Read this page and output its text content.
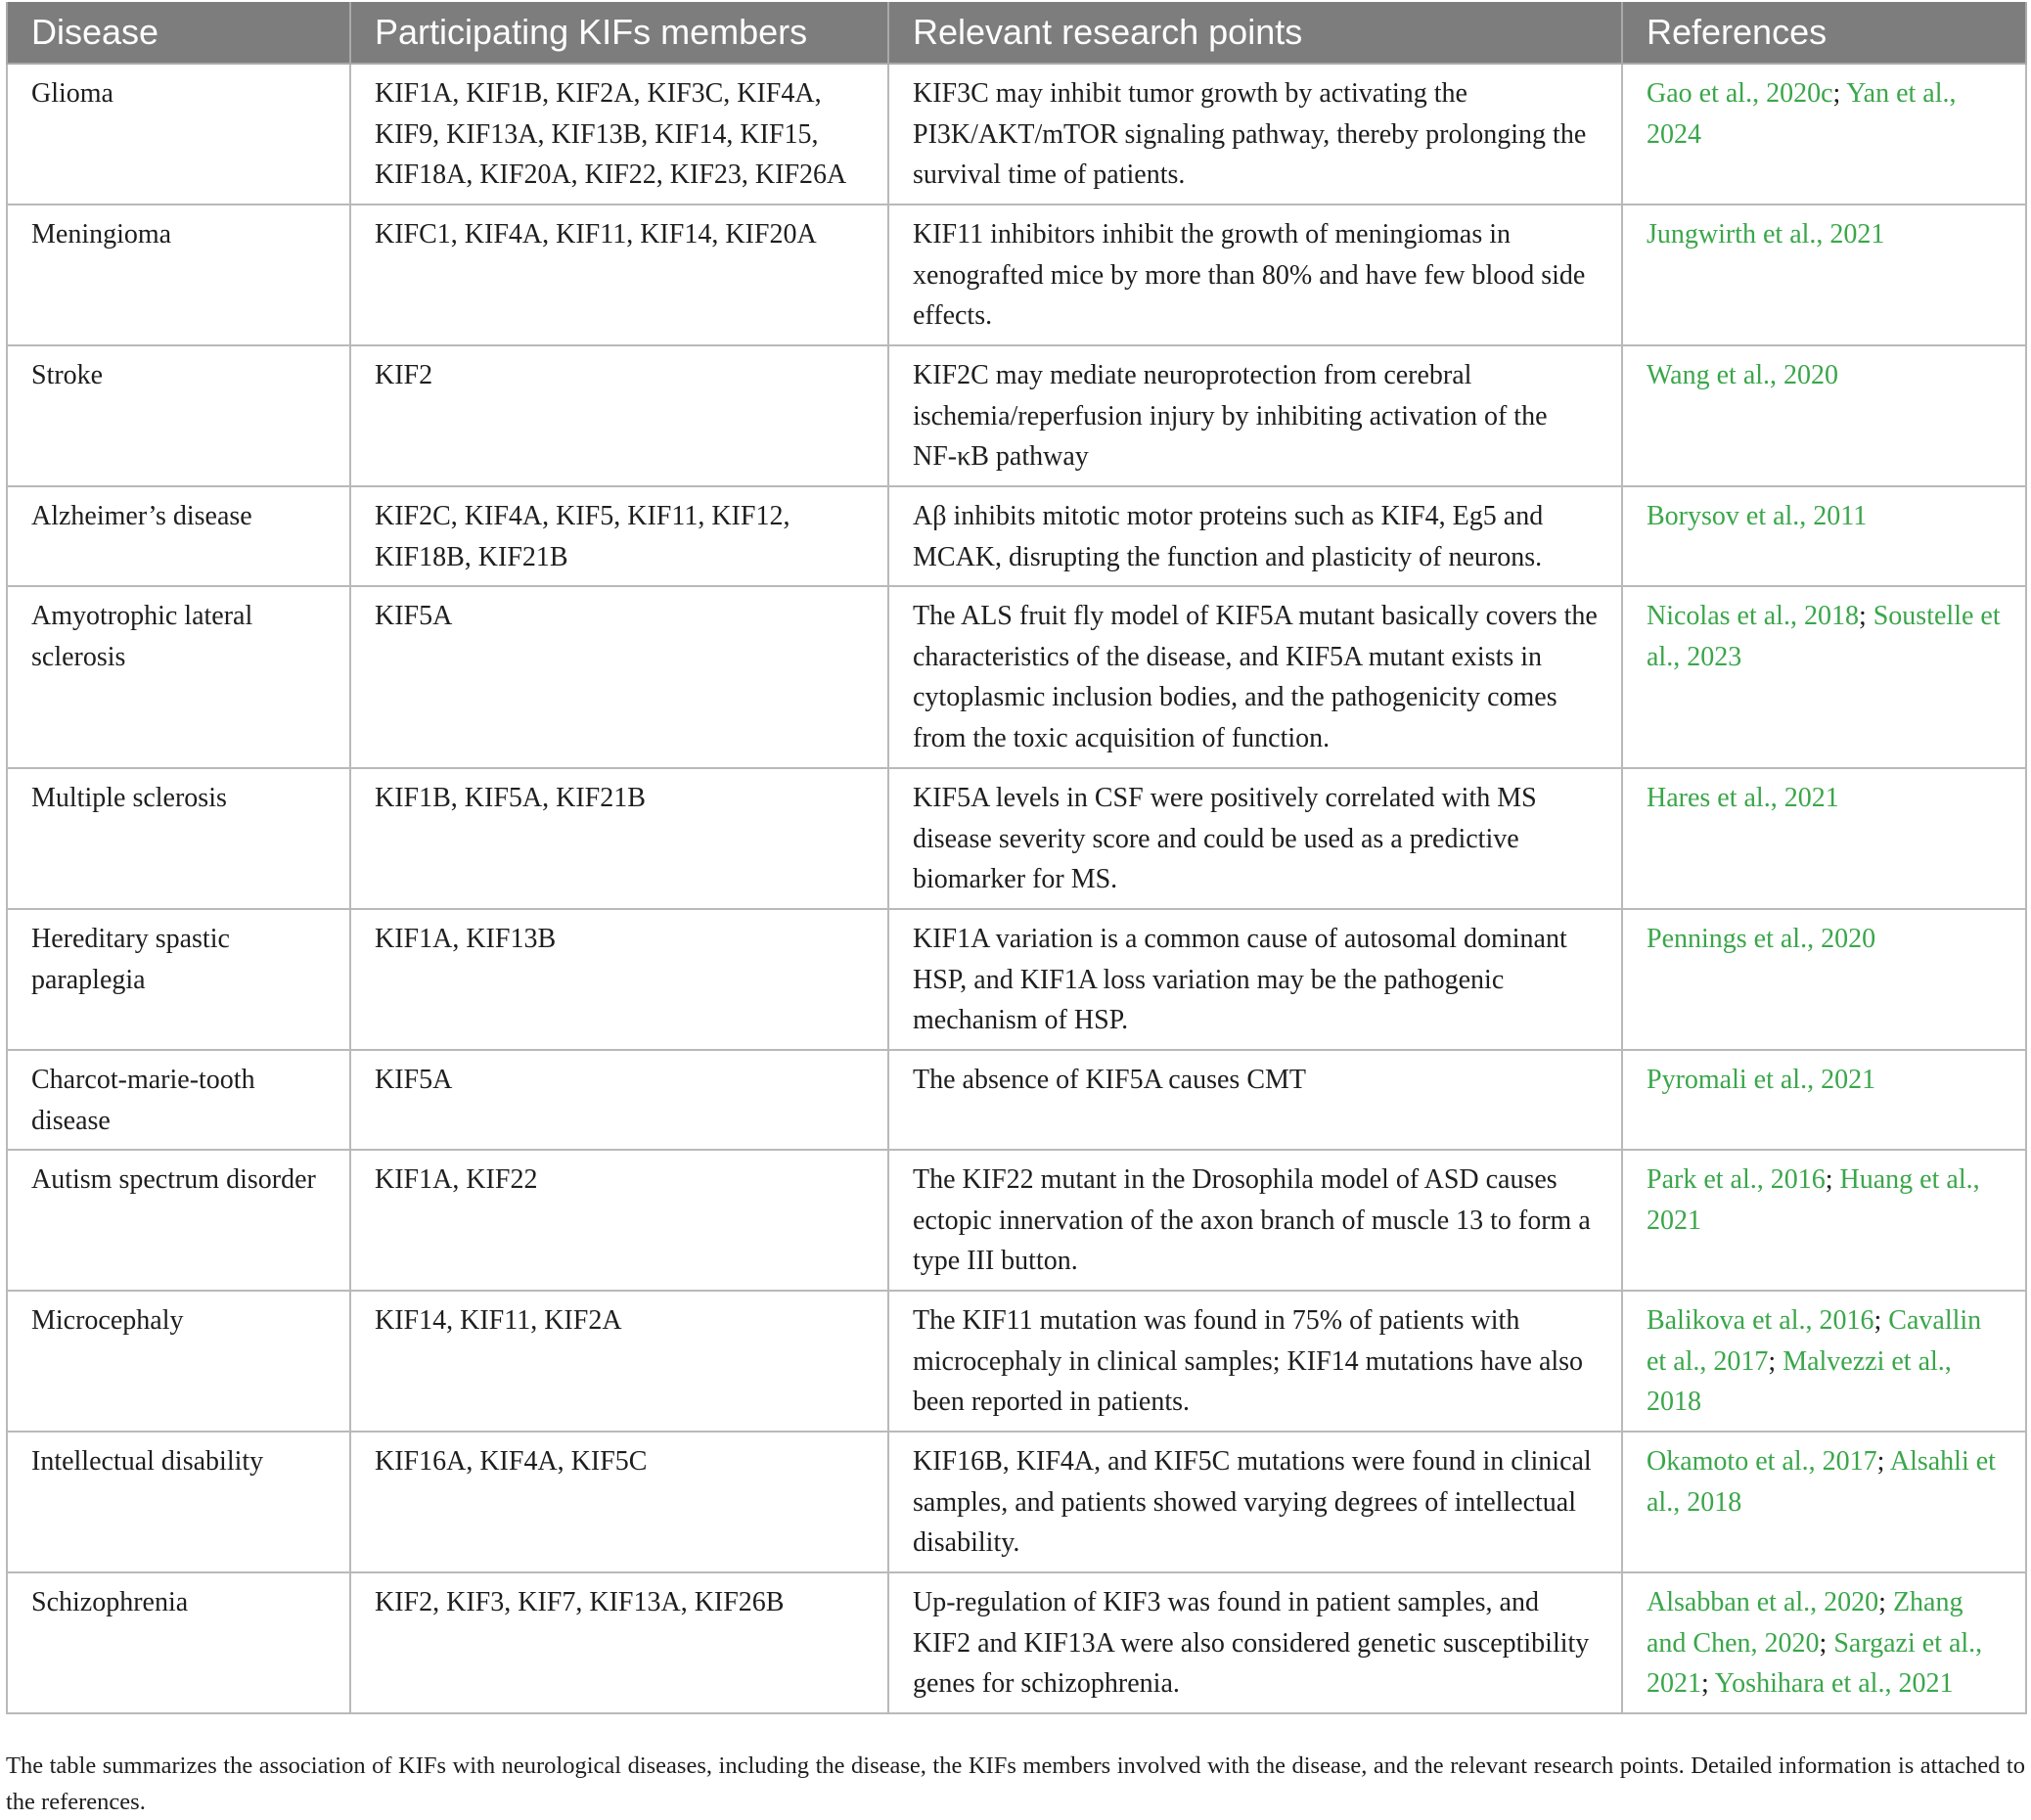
Disease	Participating KIFs members	Relevant research points	References
Glioma	KIF1A, KIF1B, KIF2A, KIF3C, KIF4A, KIF9, KIF13A, KIF13B, KIF14, KIF15, KIF18A, KIF20A, KIF22, KIF23, KIF26A	KIF3C may inhibit tumor growth by activating the PI3K/AKT/mTOR signaling pathway, thereby prolonging the survival time of patients.	Gao et al., 2020c; Yan et al., 2024
Meningioma	KIFC1, KIF4A, KIF11, KIF14, KIF20A	KIF11 inhibitors inhibit the growth of meningiomas in xenografted mice by more than 80% and have few blood side effects.	Jungwirth et al., 2021
Stroke	KIF2	KIF2C may mediate neuroprotection from cerebral ischemia/reperfusion injury by inhibiting activation of the NF-κB pathway	Wang et al., 2020
Alzheimer’s disease	KIF2C, KIF4A, KIF5, KIF11, KIF12, KIF18B, KIF21B	Aβ inhibits mitotic motor proteins such as KIF4, Eg5 and MCAK, disrupting the function and plasticity of neurons.	Borysov et al., 2011
Amyotrophic lateral sclerosis	KIF5A	The ALS fruit fly model of KIF5A mutant basically covers the characteristics of the disease, and KIF5A mutant exists in cytoplasmic inclusion bodies, and the pathogenicity comes from the toxic acquisition of function.	Nicolas et al., 2018; Soustelle et al., 2023
Multiple sclerosis	KIF1B, KIF5A, KIF21B	KIF5A levels in CSF were positively correlated with MS disease severity score and could be used as a predictive biomarker for MS.	Hares et al., 2021
Hereditary spastic paraplegia	KIF1A, KIF13B	KIF1A variation is a common cause of autosomal dominant HSP, and KIF1A loss variation may be the pathogenic mechanism of HSP.	Pennings et al., 2020
Charcot-marie-tooth disease	KIF5A	The absence of KIF5A causes CMT	Pyromali et al., 2021
Autism spectrum disorder	KIF1A, KIF22	The KIF22 mutant in the Drosophila model of ASD causes ectopic innervation of the axon branch of muscle 13 to form a type III button.	Park et al., 2016; Huang et al., 2021
Microcephaly	KIF14, KIF11, KIF2A	The KIF11 mutation was found in 75% of patients with microcephaly in clinical samples; KIF14 mutations have also been reported in patients.	Balikova et al., 2016; Cavallin et al., 2017; Malvezzi et al., 2018
Intellectual disability	KIF16A, KIF4A, KIF5C	KIF16B, KIF4A, and KIF5C mutations were found in clinical samples, and patients showed varying degrees of intellectual disability.	Okamoto et al., 2017; Alsahli et al., 2018
Schizophrenia	KIF2, KIF3, KIF7, KIF13A, KIF26B	Up-regulation of KIF3 was found in patient samples, and KIF2 and KIF13A were also considered genetic susceptibility genes for schizophrenia.	Alsabban et al., 2020; Zhang and Chen, 2020; Sargazi et al., 2021; Yoshihara et al., 2021
The table summarizes the association of KIFs with neurological diseases, including the disease, the KIFs members involved with the disease, and the relevant research points. Detailed information is attached to the references.
